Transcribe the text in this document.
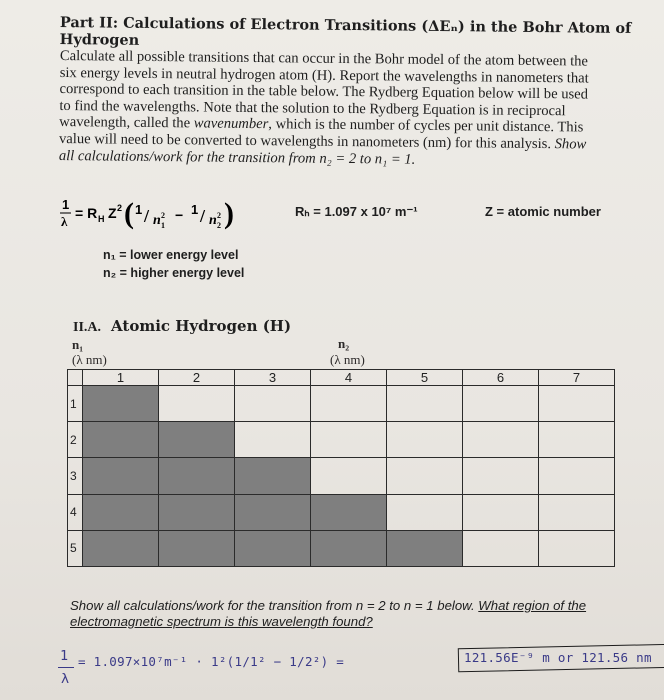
Part II: Calculations of Electron Transitions (ΔEₙ) in the Bohr Atom of Hydrogen
Calculate all possible transitions that can occur in the Bohr model of the atom between the
six energy levels in neutral hydrogen atom (H). Report the wavelengths in nanometers that
correspond to each transition in the table below. The Rydberg Equation below will be used
to find the wavelengths. Note that the solution to the Rydberg Equation is in reciprocal
wavelength, called the wavenumber, which is the number of cycles per unit distance. This
value will need to be converted to wavelengths in nanometers (nm) for this analysis. Show
all calculations/work for the transition from n₂ = 2 to n₁ = 1.
1
λ
= R H Z 2 ( 1 / n 2
1
− 1 / n 2
2 )	Rₕ = 1.097 x 10⁷ m⁻¹	Z = atomic number
n₁ = lower energy level
n₂ = higher energy level
II.A. Atomic Hydrogen (H)
n₁
(λ nm)
n₂
(λ nm)
	1	2	3	4	5	6	7
1							
2							
3							
4							
5							
Show all calculations/work for the transition from n = 2 to n = 1 below. What region of the electromagnetic spectrum is this wavelength found?
1
λ
= 1.097×10⁷m⁻¹ · 1²(1/1² − 1/2²) =	121.56E⁻⁹ m or 121.56 nm
